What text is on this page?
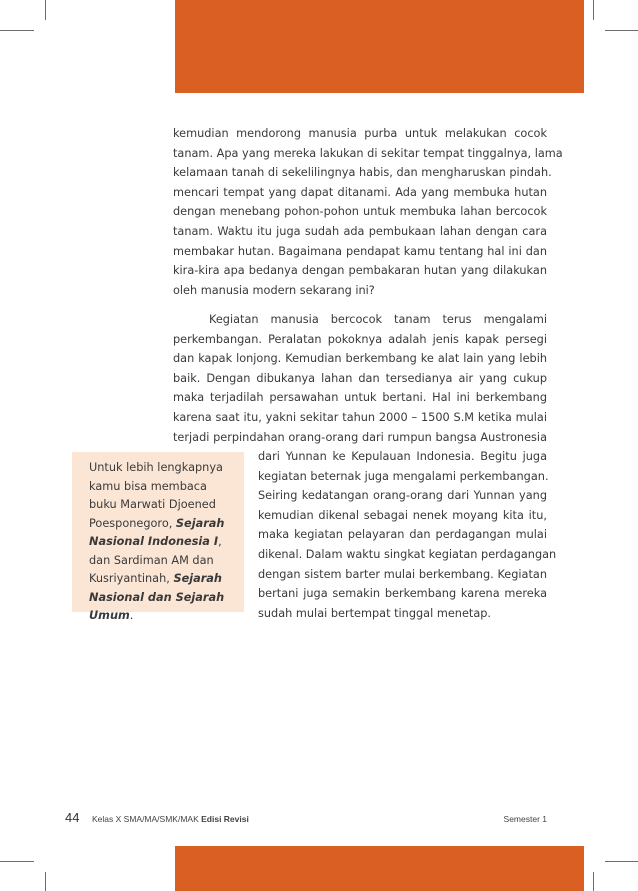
kemudian mendorong manusia purba untuk melakukan cocok
tanam. Apa yang mereka lakukan di sekitar tempat tinggalnya, lama
kelamaan tanah di sekelilingnya habis, dan mengharuskan pindah.
mencari tempat yang dapat ditanami. Ada yang membuka hutan
dengan menebang pohon-pohon untuk membuka lahan bercocok
tanam. Waktu itu juga sudah ada pembukaan lahan dengan cara
membakar hutan. Bagaimana pendapat kamu tentang hal ini dan
kira-kira apa bedanya dengan pembakaran hutan yang dilakukan
oleh manusia modern sekarang ini?
Kegiatan manusia bercocok tanam terus mengalami
perkembangan. Peralatan pokoknya adalah jenis kapak persegi
dan kapak lonjong. Kemudian berkembang ke alat lain yang lebih
baik. Dengan dibukanya lahan dan tersedianya air yang cukup
maka terjadilah persawahan untuk bertani. Hal ini berkembang
karena saat itu, yakni sekitar tahun 2000 – 1500 S.M ketika mulai
terjadi perpindahan orang-orang dari rumpun bangsa Austronesia
dari Yunnan ke Kepulauan Indonesia. Begitu juga
kegiatan beternak juga mengalami perkembangan.
Seiring kedatangan orang-orang dari Yunnan yang
kemudian dikenal sebagai nenek moyang kita itu,
maka kegiatan pelayaran dan perdagangan mulai
dikenal. Dalam waktu singkat kegiatan perdagangan
dengan sistem barter mulai berkembang. Kegiatan
bertani juga semakin berkembang karena mereka
sudah mulai bertempat tinggal menetap.
Untuk lebih lengkapnya
kamu bisa membaca
buku Marwati Djoened
Poesponegoro, Sejarah
Nasional Indonesia I,
dan Sardiman AM dan
Kusriyantinah, Sejarah
Nasional dan Sejarah
Umum.
44 Kelas X SMA/MA/SMK/MAK Edisi Revisi	Semester 1
